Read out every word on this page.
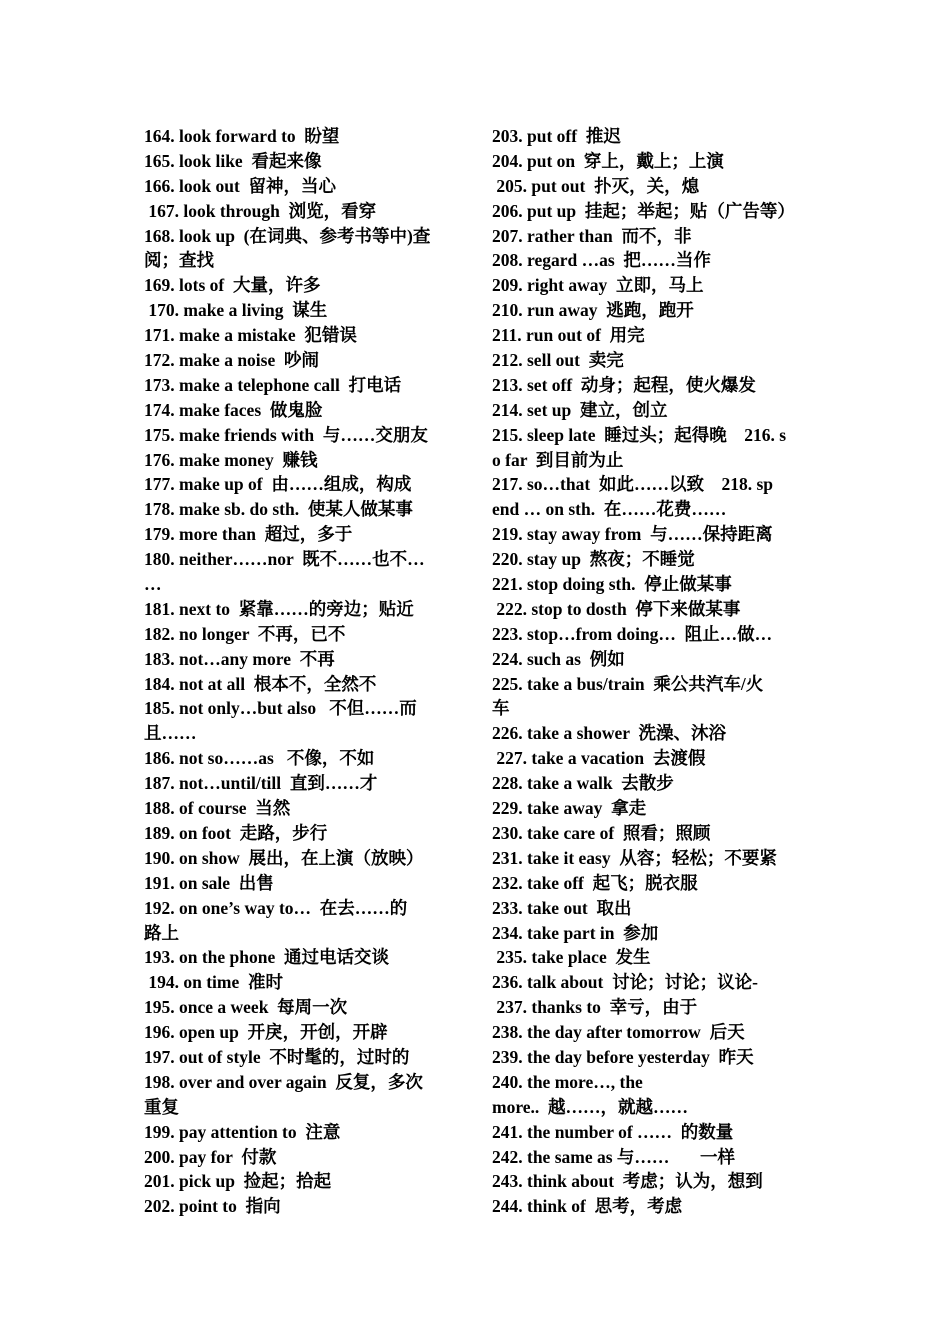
164. look forward to  盼望
165. look like  看起来像
166. look out  留神，当心
167. look through  浏览，看穿
168. look up  (在词典、参考书等中)查
阅；查找
169. lots of  大量，许多
170. make a living  谋生
171. make a mistake  犯错误
172. make a noise  吵闹
173. make a telephone call  打电话
174. make faces  做鬼脸
175. make friends with  与……交朋友
176. make money  赚钱
177. make up of  由……组成，构成
178. make sb. do sth.  使某人做某事
179. more than  超过，多于
180. neither……nor  既不……也不…
…
181. next to  紧靠……的旁边；贴近
182. no longer  不再，已不
183. not…any more  不再
184. not at all  根本不，全然不
185. not only…but also   不但……而
且……
186. not so……as   不像，不如
187. not…until/till  直到……才
188. of course  当然
189. on foot  走路，步行
190. on show  展出，在上演（放映）
191. on sale  出售
192. on one’s way to…  在去……的
路上
193. on the phone  通过电话交谈
194. on time  准时
195. once a week  每周一次
196. open up  开戾，开创，开辟
197. out of style  不时髦的，过时的
198. over and over again  反复，多次
重复
199. pay attention to  注意
200. pay for  付款
201. pick up  捡起；拾起
202. point to  指向
203. put off  推迟
204. put on  穿上，戴上；上演
205. put out  扑灭，关，熄
206. put up  挂起；举起；贴（广告等）
207. rather than  而不，非
208. regard …as  把……当作
209. right away  立即，马上
210. run away  逃跑，跑开
211. run out of  用完
212. sell out  卖完
213. set off  动身；起程，使火爆发
214. set up  建立，创立
215. sleep late  睡过头；起得晚    216. s
o far  到目前为止
217. so…that  如此……以致    218. sp
end … on sth.  在……花费……
219. stay away from  与……保持距离
220. stay up  熬夜；不睡觉
221. stop doing sth.  停止做某事
222. stop to dosth  停下来做某事
223. stop…from doing…  阻止…做…
224. such as  例如
225. take a bus/train  乘公共汽车/火
车
226. take a shower  洗澡、沐浴
227. take a vacation  去渡假
228. take a walk  去散步
229. take away  拿走
230. take care of  照看；照顾
231. take it easy  从容；轻松；不要紧
232. take off  起飞；脱衣服
233. take out  取出
234. take part in  参加
235. take place  发生
236. talk about  讨论；讨论；议论-
237. thanks to  幸亏，由于
238. the day after tomorrow  后天
239. the day before yesterday  昨天
240. the more…, the
more..  越……，就越……
241. the number of ……  的数量
242. the same as 与……       一样
243. think about  考虑；认为，想到
244. think of  思考，考虑
